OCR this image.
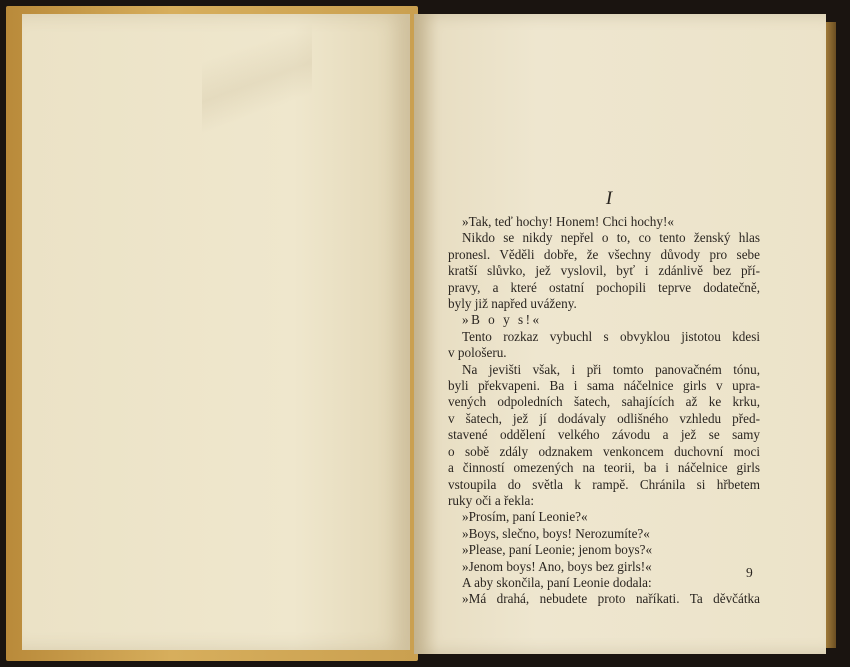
I
»Tak, teď hochy! Honem! Chci hochy!«
Nikdo se nikdy nepřel o to, co tento ženský hlas
pronesl. Věděli dobře, že všechny důvody pro sebe
kratší slůvko, jež vyslovil, byť i zdánlivě bez pří-
pravy, a které ostatní pochopili teprve dodatečně,
byly již napřed uváženy.
»B o y s!«
Tento rozkaz vybuchl s obvyklou jistotou kdesi
v pološeru.
Na jevišti však, i při tomto panovačném tónu,
byli překvapeni. Ba i sama náčelnice girls v upra-
vených odpoledních šatech, sahajících až ke krku,
v šatech, jež jí dodávaly odlišného vzhledu před-
stavené oddělení velkého závodu a jež se samy
o sobě zdály odznakem venkoncem duchovní moci
a činností omezených na teorii, ba i náčelnice girls
vstoupila do světla k rampě. Chránila si hřbetem
ruky oči a řekla:
»Prosím, paní Leonie?«
»Boys, slečno, boys! Nerozumíte?«
»Please, paní Leonie; jenom boys?«
»Jenom boys! Ano, boys bez girls!«
A aby skončila, paní Leonie dodala:
»Má drahá, nebudete proto naříkati. Ta děvčátka
9
